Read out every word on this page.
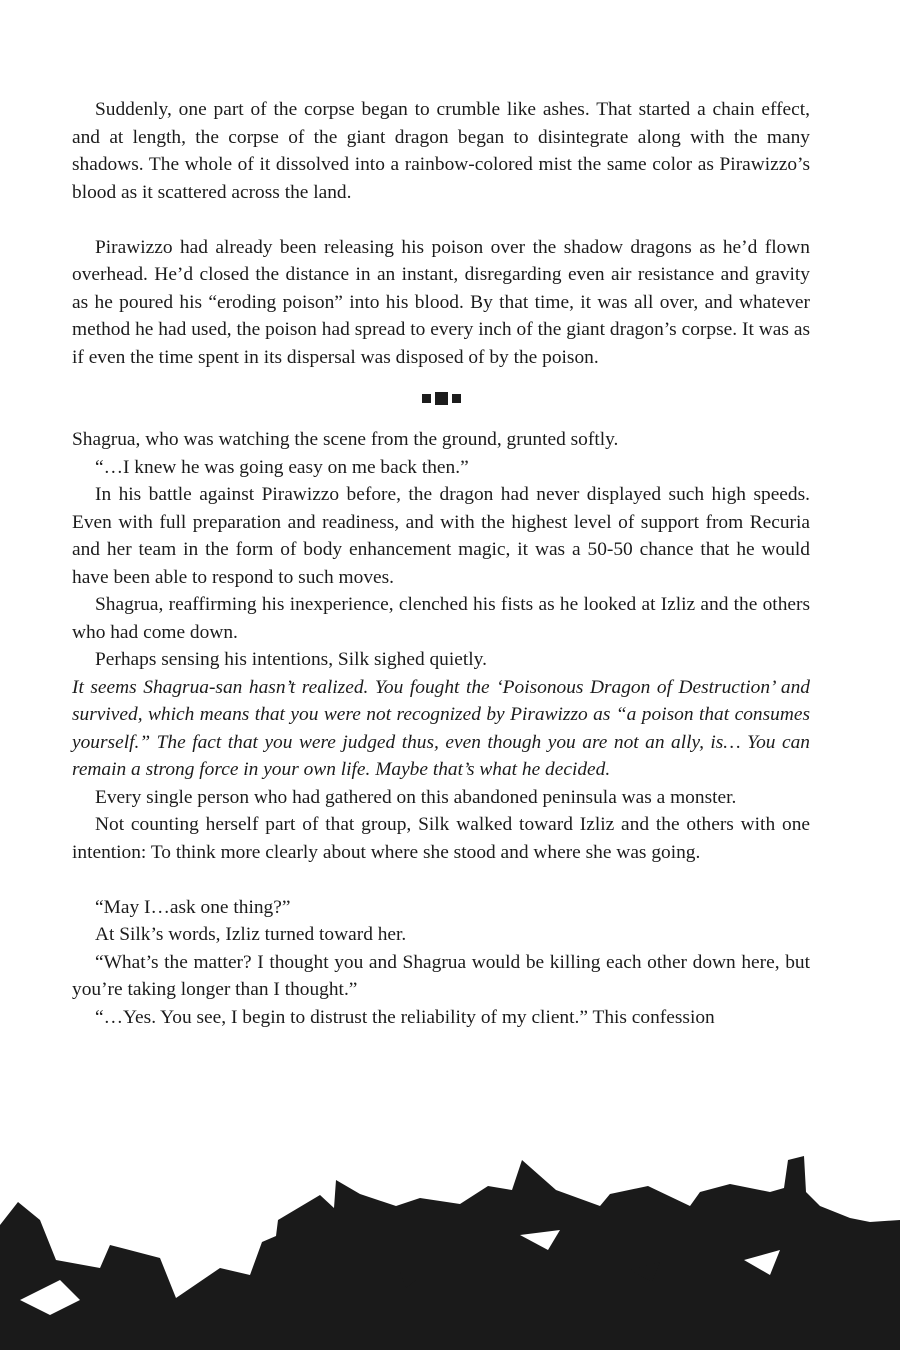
Suddenly, one part of the corpse began to crumble like ashes. That started a chain effect, and at length, the corpse of the giant dragon began to disintegrate along with the many shadows. The whole of it dissolved into a rainbow-colored mist the same color as Pirawizzo’s blood as it scattered across the land.

Pirawizzo had already been releasing his poison over the shadow dragons as he’d flown overhead. He’d closed the distance in an instant, disregarding even air resistance and gravity as he poured his “eroding poison” into his blood. By that time, it was all over, and whatever method he had used, the poison had spread to every inch of the giant dragon’s corpse. It was as if even the time spent in its dispersal was disposed of by the poison.

Shagrua, who was watching the scene from the ground, grunted softly.

“…I knew he was going easy on me back then.”

In his battle against Pirawizzo before, the dragon had never displayed such high speeds. Even with full preparation and readiness, and with the highest level of support from Recuria and her team in the form of body enhancement magic, it was a 50-50 chance that he would have been able to respond to such moves.

Shagrua, reaffirming his inexperience, clenched his fists as he looked at Izliz and the others who had come down.

Perhaps sensing his intentions, Silk sighed quietly.

It seems Shagrua-san hasn’t realized. You fought the ‘Poisonous Dragon of Destruction’ and survived, which means that you were not recognized by Pirawizzo as “a poison that consumes yourself.” The fact that you were judged thus, even though you are not an ally, is… You can remain a strong force in your own life. Maybe that’s what he decided.

Every single person who had gathered on this abandoned peninsula was a monster.

Not counting herself part of that group, Silk walked toward Izliz and the others with one intention: To think more clearly about where she stood and where she was going.

“May I…ask one thing?”

At Silk’s words, Izliz turned toward her.

“What’s the matter? I thought you and Shagrua would be killing each other down here, but you’re taking longer than I thought.”

“…Yes. You see, I begin to distrust the reliability of my client.” This confession
